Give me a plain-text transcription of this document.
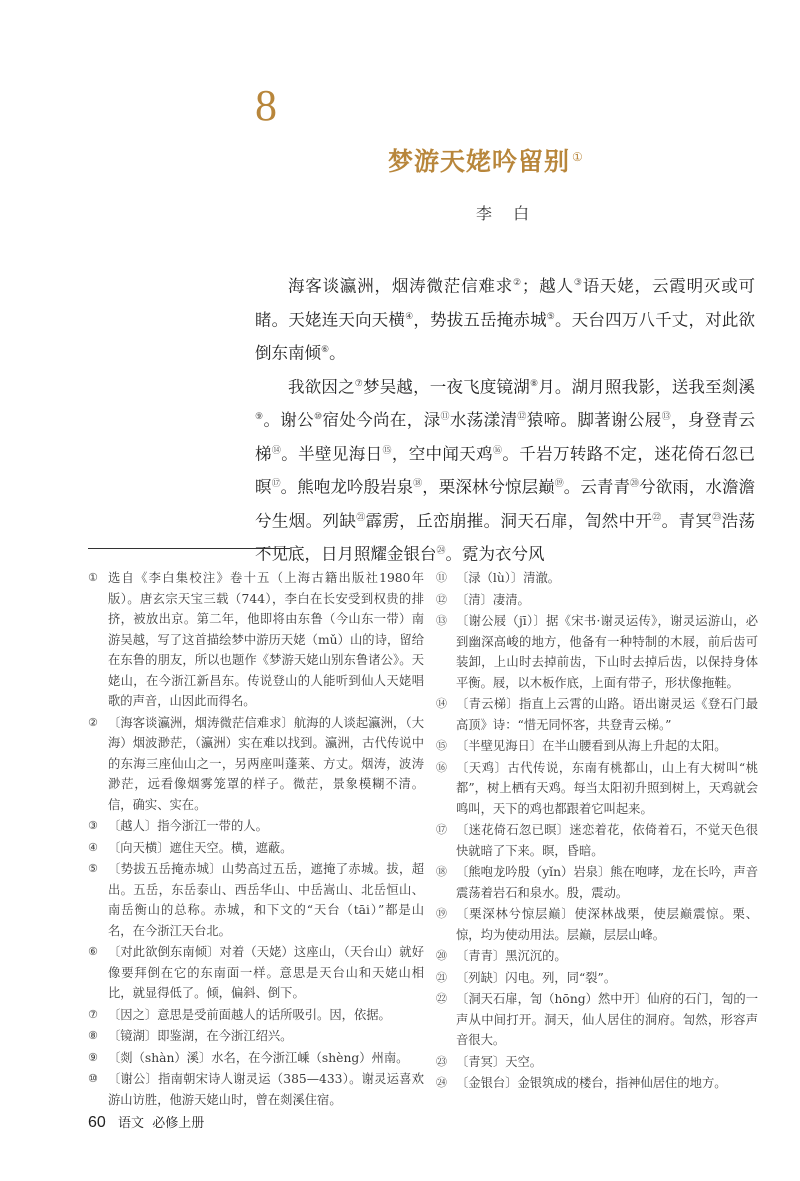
8
梦游天姥吟留别 ①
李 白

海客谈瀛洲，烟涛微茫信难求②；越人③语天姥，云霞明灭或可睹。天姥连天向天横④，势拔五岳掩赤城⑤。天台四万八千丈，对此欲倒东南倾⑥。

我欲因之⑦梦吴越，一夜飞度镜湖⑧月。湖月照我影，送我至剡溪⑨。谢公⑩宿处今尚在，渌⑪水荡漾清⑫猿啼。脚著谢公屐⑬，身登青云梯⑭。半壁见海日⑮，空中闻天鸡⑯。千岩万转路不定，迷花倚石忽已暝⑰。熊咆龙吟殷岩泉⑱，栗深林兮惊层巅⑲。云青青⑳兮欲雨，水澹澹兮生烟。列缺$^㉑$霹雳，丘峦崩摧。洞天石扉，訇然中开$^㉒$。青冥$^㉓$浩荡不见底，日月照耀金银台$^㉔$。霓为衣兮风

① 选自《李白集校注》卷十五（上海古籍出版社1980年版）。唐玄宗天宝三载（744），李白在长安受到权贵的排挤，被放出京。第二年，他即将由东鲁（今山东一带）南游吴越，写了这首描绘梦中游历天姥（mǔ）山的诗，留给在东鲁的朋友，所以也题作《梦游天姥山别东鲁诸公》。天姥山，在今浙江新昌东。传说登山的人能听到仙人天姥唱歌的声音，山因此而得名。
② 〔海客谈瀛洲，烟涛微茫信难求〕航海的人谈起瀛洲，（大海）烟波渺茫，（瀛洲）实在难以找到。瀛洲，古代传说中的东海三座仙山之一，另两座叫蓬莱、方丈。烟涛，波涛渺茫，远看像烟雾笼罩的样子。微茫，景象模糊不清。信，确实、实在。
③ 〔越人〕指今浙江一带的人。
④ 〔向天横〕遮住天空。横，遮蔽。
⑤ 〔势拔五岳掩赤城〕山势高过五岳，遮掩了赤城。拔，超出。五岳，东岳泰山、西岳华山、中岳嵩山、北岳恒山、南岳衡山的总称。赤城，和下文的“天台（tāi）”都是山名，在今浙江天台北。
⑥ 〔对此欲倒东南倾〕对着（天姥）这座山，（天台山）就好像要拜倒在它的东南面一样。意思是天台山和天姥山相比，就显得低了。倾，偏斜、倒下。
⑦ 〔因之〕意思是受前面越人的话所吸引。因，依据。
⑧ 〔镜湖〕即鉴湖，在今浙江绍兴。
⑨ 〔剡（shàn）溪〕水名，在今浙江嵊（shèng）州南。
⑩ 〔谢公〕指南朝宋诗人谢灵运（385—433）。谢灵运喜欢游山访胜，他游天姥山时，曾在剡溪住宿。
⑪ 〔渌（lù）〕清澈。
⑫ 〔清〕凄清。
⑬ 〔谢公屐（jī）〕据《宋书·谢灵运传》，谢灵运游山，必到幽深高峻的地方，他备有一种特制的木屐，前后齿可装卸，上山时去掉前齿，下山时去掉后齿，以保持身体平衡。屐，以木板作底，上面有带子，形状像拖鞋。
⑭ 〔青云梯〕指直上云霄的山路。语出谢灵运《登石门最高顶》诗：“惜无同怀客，共登青云梯。”
⑮ 〔半壁见海日〕在半山腰看到从海上升起的太阳。
⑯ 〔天鸡〕古代传说，东南有桃都山，山上有大树叫“桃都”，树上栖有天鸡。每当太阳初升照到树上，天鸡就会鸣叫，天下的鸡也都跟着它叫起来。
⑰ 〔迷花倚石忽已暝〕迷恋着花，依倚着石，不觉天色很快就暗了下来。暝，昏暗。
⑱ 〔熊咆龙吟殷（yǐn）岩泉〕熊在咆哮，龙在长吟，声音震荡着岩石和泉水。殷，震动。
⑲ 〔栗深林兮惊层巅〕使深林战栗，使层巅震惊。栗、惊，均为使动用法。层巅，层层山峰。
⑳ 〔青青〕黑沉沉的。
㉑ 〔列缺〕闪电。列，同“裂”。
㉒ 〔洞天石扉，訇（hōng）然中开〕仙府的石门，訇的一声从中间打开。洞天，仙人居住的洞府。訇然，形容声音很大。
㉓ 〔青冥〕天空。
㉔ 〔金银台〕金银筑成的楼台，指神仙居住的地方。
60 语文  必修上册
